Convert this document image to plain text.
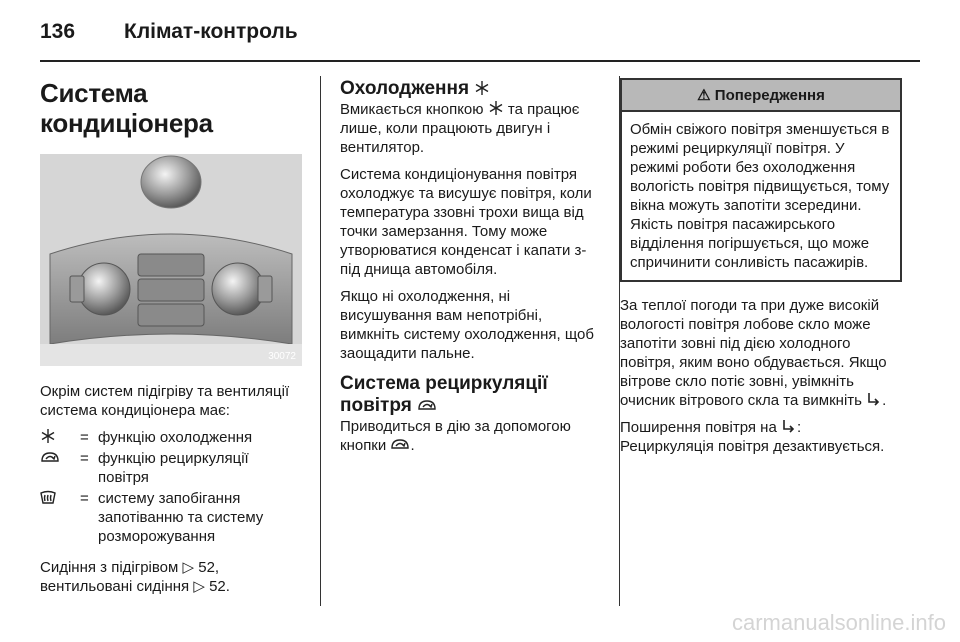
136 Клімат-контроль
Система кондиціонера
30072

Окрім систем підігріву та вентиляції система кондиціонера має:

= функцію охолодження
= функцію рециркуляції повітря
= систему запобігання запотіванню та систему розморожування

Сидіння з підігрівом ▷ 52,
вентильовані сидіння ▷ 52.

Охолодження

Вмикається кнопкою та працює лише, коли працюють двигун і вентилятор.

Система кондиціонування повітря охолоджує та висушує повітря, коли температура ззовні трохи вища від точки замерзання. Тому може утворюватися конденсат і капати з-під днища автомобіля.

Якщо ні охолодження, ні висушування вам непотрібні, вимкніть систему охолодження, щоб заощадити пальне.

Система рециркуляції повітря

Приводиться в дію за допомогою кнопки .

⚠ Попередження

Обмін свіжого повітря зменшується в режимі рециркуляції повітря. У режимі роботи без охолодження вологість повітря підвищується, тому вікна можуть запотіти зсередини. Якість повітря пасажирського відділення погіршується, що може спричинити сонливість пасажирів.

За теплої погоди та при дуже високій вологості повітря лобове скло може запотіти зовні під дією холодного повітря, яким воно обдувається. Якщо вітрове скло потіє зовні, увімкніть очисник вітрового скла та вимкніть .

Поширення повітря на :
Рециркуляція повітря дезактивується.

carmanualsonline.info
